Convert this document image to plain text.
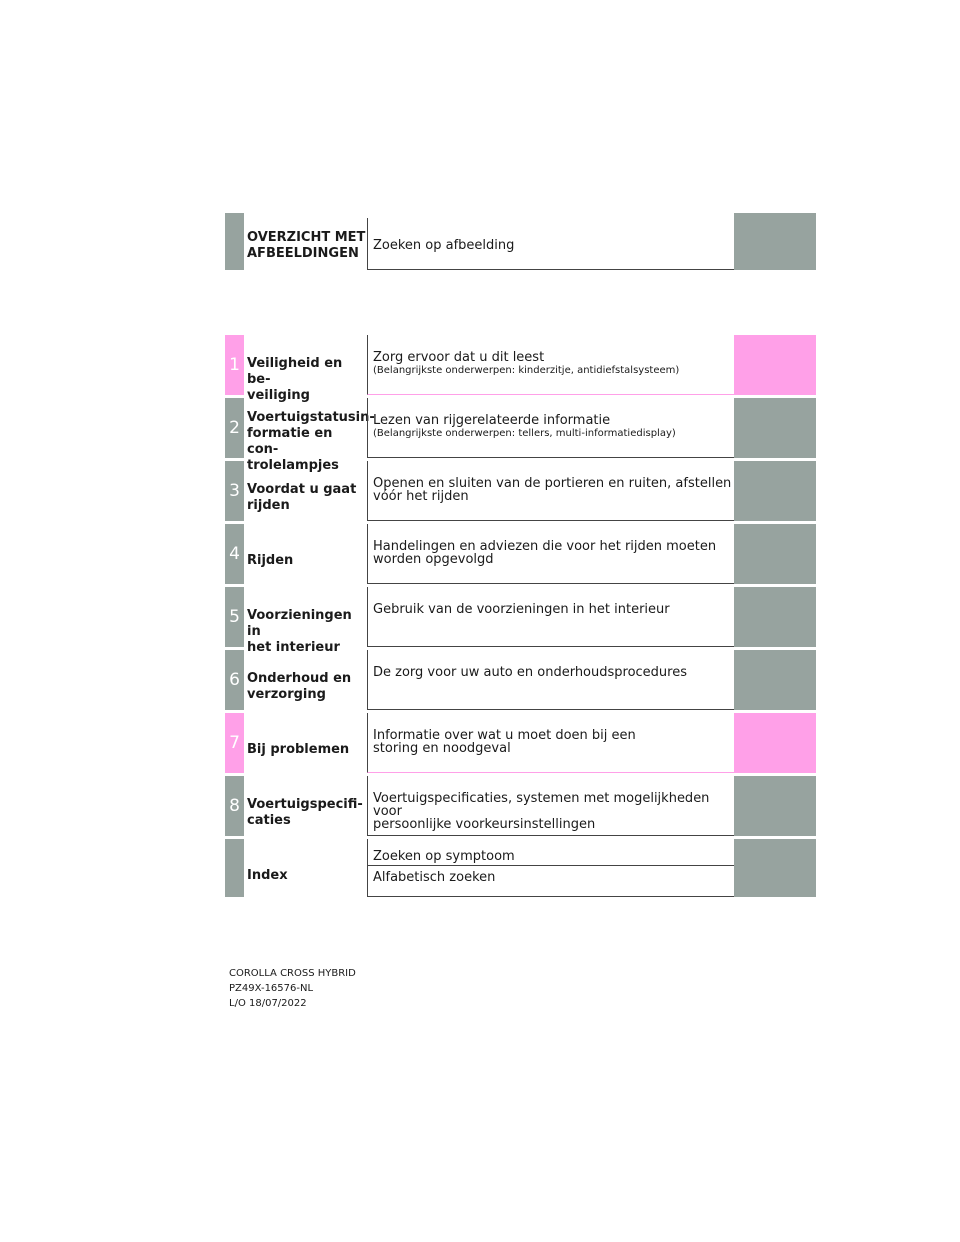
OVERZICHT MET
AFBEELDINGEN
Zoeken op afbeelding
1 Veiligheid en be-
veiliging
Zorg ervoor dat u dit leest
(Belangrijkste onderwerpen: kinderzitje, antidiefstalsysteem)
2
Voertuigstatusin-
formatie en con-
trolelampjes
Lezen van rijgerelateerde informatie
(Belangrijkste onderwerpen: tellers, multi-informatiedisplay)
3 Voordat u gaat
rijden
Openen en sluiten van de portieren en ruiten, afstellen
vóór het rijden
4 Rijden
Handelingen en adviezen die voor het rijden moeten
worden opgevolgd
5 Voorzieningen in
het interieur
Gebruik van de voorzieningen in het interieur
6 Onderhoud en
verzorging
De zorg voor uw auto en onderhoudsprocedures
7 Bij problemen
Informatie over wat u moet doen bij een
storing en noodgeval
8 Voertuigspecifi-
caties
Voertuigspecificaties, systemen met mogelijkheden voor
persoonlijke voorkeursinstellingen
Index
Zoeken op symptoom
Alfabetisch zoeken
COROLLA CROSS HYBRID
PZ49X-16576-NL
L/O 18/07/2022
